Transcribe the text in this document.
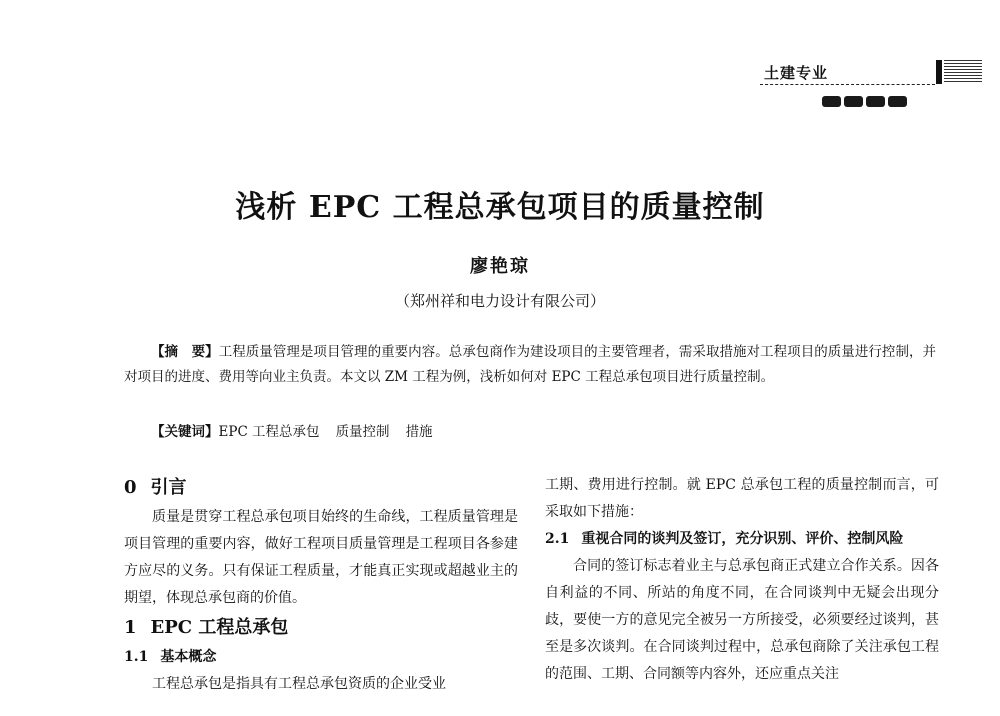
土建专业
浅析 EPC 工程总承包项目的质量控制
廖艳琼
（郑州祥和电力设计有限公司）
【摘　要】工程质量管理是项目管理的重要内容。总承包商作为建设项目的主要管理者，需采取措施对工程项目的质量进行控制，并对项目的进度、费用等向业主负责。本文以 ZM 工程为例，浅析如何对 EPC 工程总承包项目进行质量控制。
【关键词】EPC 工程总承包 质量控制 措施
0 引言

质量是贯穿工程总承包项目始终的生命线，工程质量管理是项目管理的重要内容，做好工程项目质量管理是工程项目各参建方应尽的义务。只有保证工程质量，才能真正实现或超越业主的期望，体现总承包商的价值。

1 EPC 工程总承包
1.1 基本概念

工程总承包是指具有工程总承包资质的企业受业

工期、费用进行控制。就 EPC 总承包工程的质量控制而言，可采取如下措施：

2.1 重视合同的谈判及签订，充分识别、评价、控制风险

合同的签订标志着业主与总承包商正式建立合作关系。因各自利益的不同、所站的角度不同，在合同谈判中无疑会出现分歧，要使一方的意见完全被另一方所接受，必须要经过谈判，甚至是多次谈判。在合同谈判过程中，总承包商除了关注承包工程的范围、工期、合同额等内容外，还应重点关注
